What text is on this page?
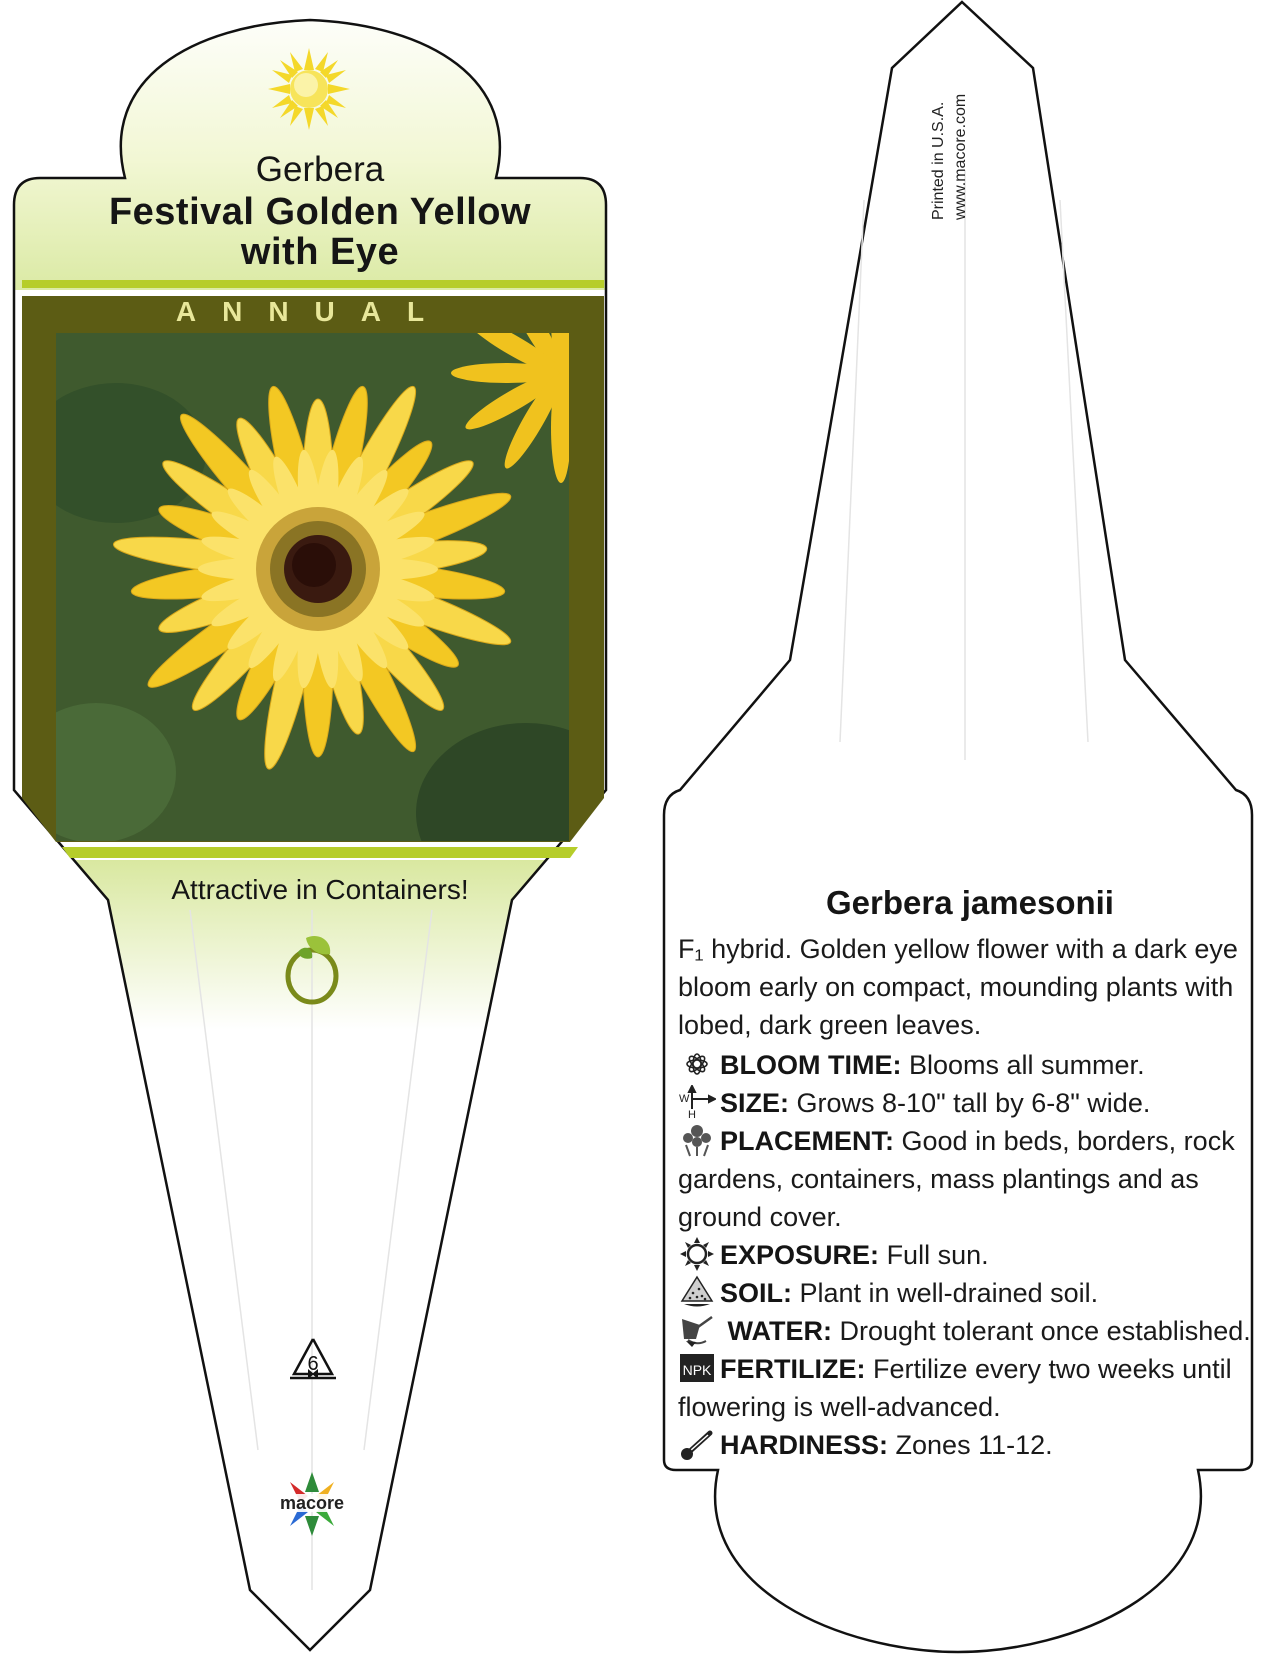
Gerbera
Festival Golden Yellow
with Eye
ANNUAL
Attractive in Containers!
6
macore
Printed in U.S.A. www.macore.com
Gerbera jamesonii
F₁ hybrid. Golden yellow flower with a dark eye bloom early on compact, mounding plants with lobed, dark green leaves.
BLOOM TIME: Blooms all summer.
W
H SIZE: Grows 8-10" tall by 6-8" wide.
PLACEMENT: Good in beds, borders, rock gardens, containers, mass plantings and as ground cover.
EXPOSURE: Full sun.
SOIL: Plant in well-drained soil.
WATER: Drought tolerant once established.
NPK FERTILIZE: Fertilize every two weeks until flowering is well-advanced.
HARDINESS: Zones 11-12.
